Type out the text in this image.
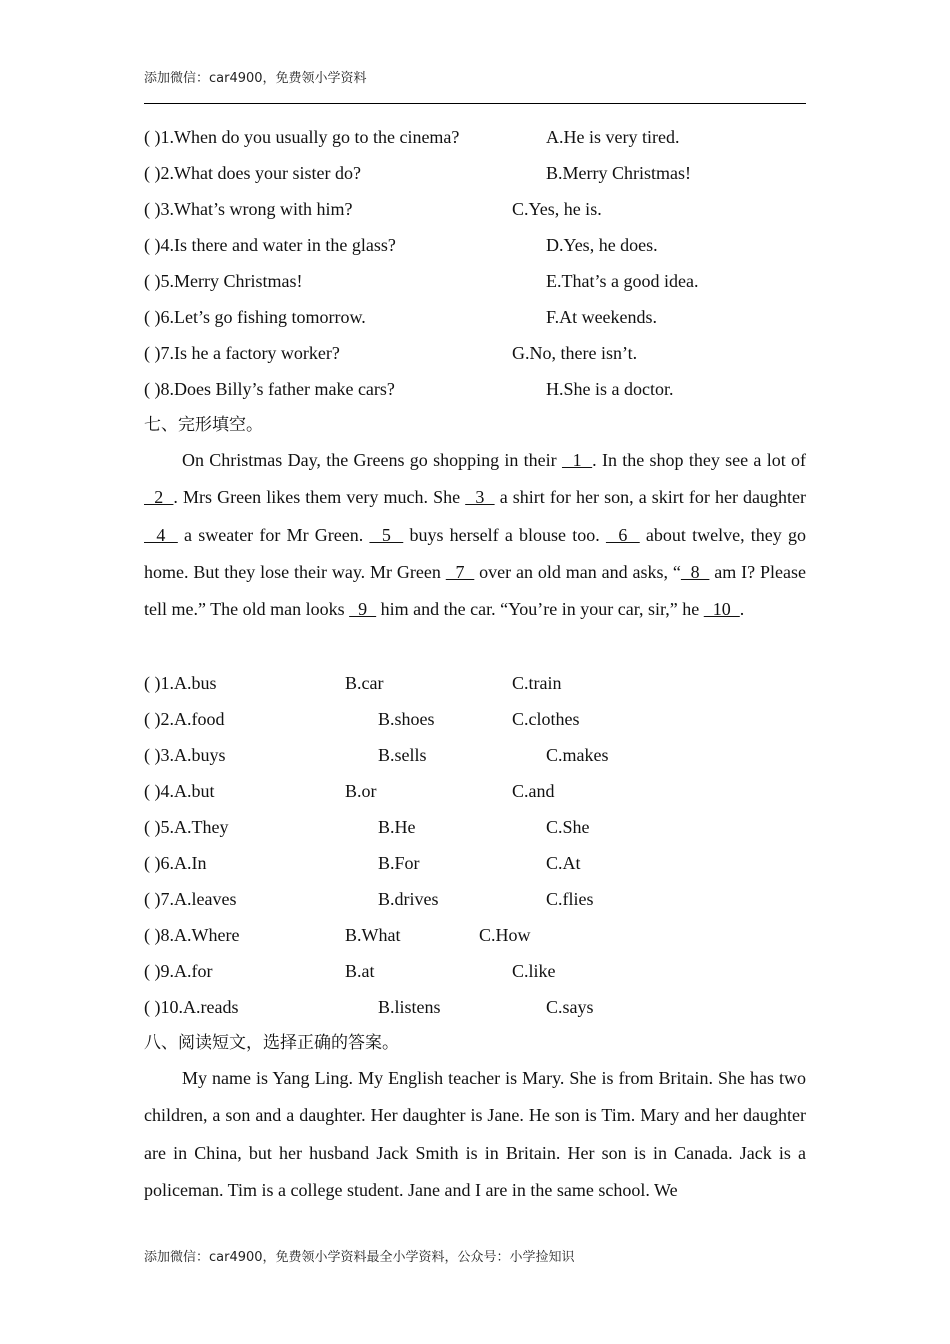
添加微信：car4900，免费领小学资料
( )1.When do you usually go to the cinema?	A.He is very tired.
( )2.What does your sister do?	B.Merry Christmas!
( )3.What’s wrong with him?	C.Yes, he is.
( )4.Is there and water in the glass?	D.Yes, he does.
( )5.Merry Christmas!	E.That’s a good idea.
( )6.Let’s go fishing tomorrow.	F.At weekends.
( )7.Is he a factory worker?	G.No, there isn’t.
( )8.Does Billy’s father make cars?	H.She is a doctor.
七、完形填空。

On Christmas Day, the Greens go shopping in their   1  . In the shop they see a lot of   2  . Mrs Green likes them very much. She   3   a shirt for her son, a skirt for her daughter   4   a sweater for Mr Green.   5   buys herself a blouse too.   6   about twelve, they go home. But they lose their way. Mr Green   7   over an old man and asks, “  8   am I? Please tell me.” The old man looks   9   him and the car. “You’re in your car, sir,” he   10  .

( )1.A.bus	B.car	C.train
( )2.A.food	B.shoes	C.clothes
( )3.A.buys	B.sells	C.makes
( )4.A.but	B.or	C.and
( )5.A.They	B.He	C.She
( )6.A.In	B.For	C.At
( )7.A.leaves	B.drives	C.flies
( )8.A.Where	B.What	C.How
( )9.A.for	B.at	C.like
( )10.A.reads	B.listens	C.says
八、阅读短文，选择正确的答案。

My name is Yang Ling. My English teacher is Mary. She is from Britain. She has two children, a son and a daughter. Her daughter is Jane. He son is Tim. Mary and her daughter are in China, but her husband Jack Smith is in Britain. Her son is in Canada. Jack is a policeman. Tim is a college student. Jane and I are in the same school. We

添加微信：car4900，免费领小学资料最全小学资料，公众号：小学捡知识
